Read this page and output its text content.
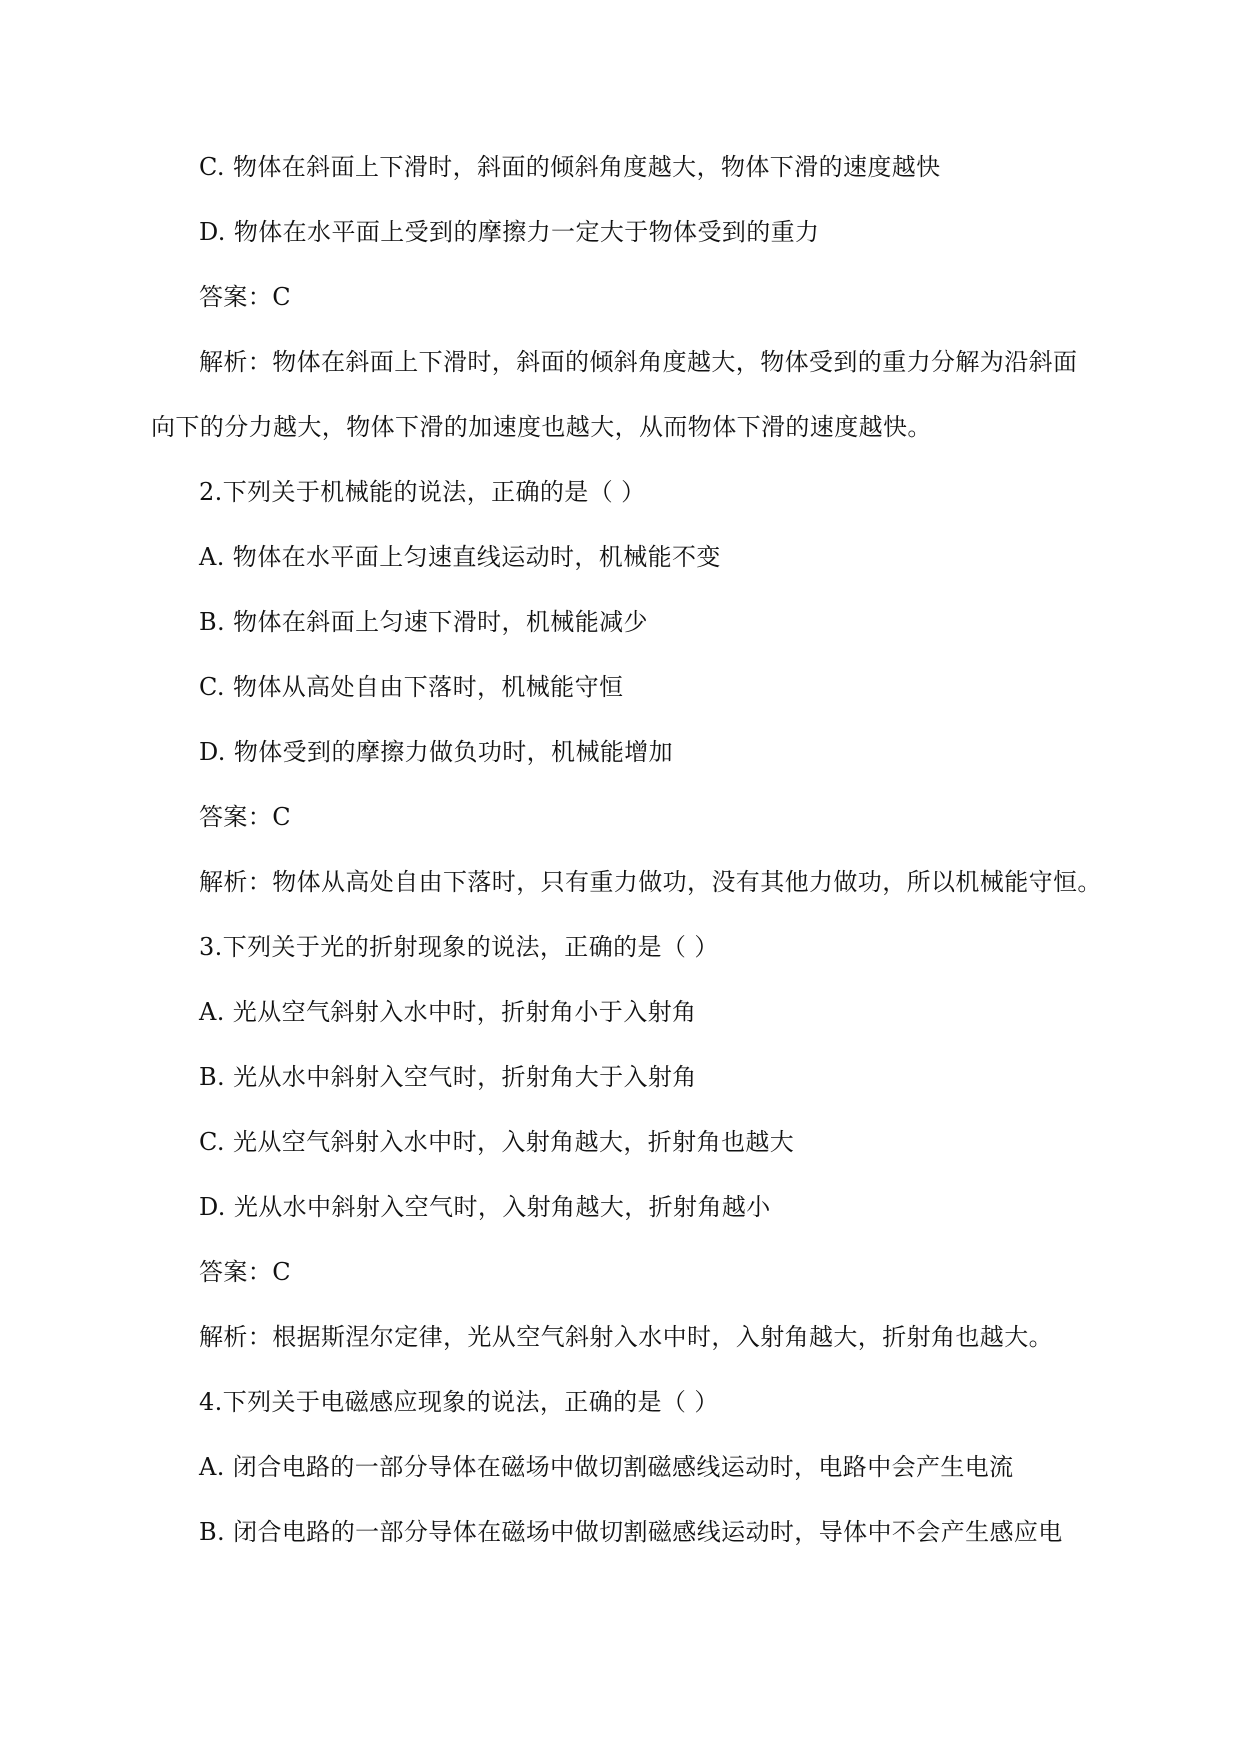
C. 物体在斜面上下滑时，斜面的倾斜角度越大，物体下滑的速度越快
D. 物体在水平面上受到的摩擦力一定大于物体受到的重力
答案：C
解析：物体在斜面上下滑时，斜面的倾斜角度越大，物体受到的重力分解为沿斜面
向下的分力越大，物体下滑的加速度也越大，从而物体下滑的速度越快。
2.下列关于机械能的说法，正确的是（ ）
A. 物体在水平面上匀速直线运动时，机械能不变
B. 物体在斜面上匀速下滑时，机械能减少
C. 物体从高处自由下落时，机械能守恒
D. 物体受到的摩擦力做负功时，机械能增加
答案：C
解析：物体从高处自由下落时，只有重力做功，没有其他力做功，所以机械能守恒。
3.下列关于光的折射现象的说法，正确的是（ ）
A. 光从空气斜射入水中时，折射角小于入射角
B. 光从水中斜射入空气时，折射角大于入射角
C. 光从空气斜射入水中时，入射角越大，折射角也越大
D. 光从水中斜射入空气时，入射角越大，折射角越小
答案：C
解析：根据斯涅尔定律，光从空气斜射入水中时，入射角越大，折射角也越大。
4.下列关于电磁感应现象的说法，正确的是（ ）
A. 闭合电路的一部分导体在磁场中做切割磁感线运动时，电路中会产生电流
B. 闭合电路的一部分导体在磁场中做切割磁感线运动时，导体中不会产生感应电
